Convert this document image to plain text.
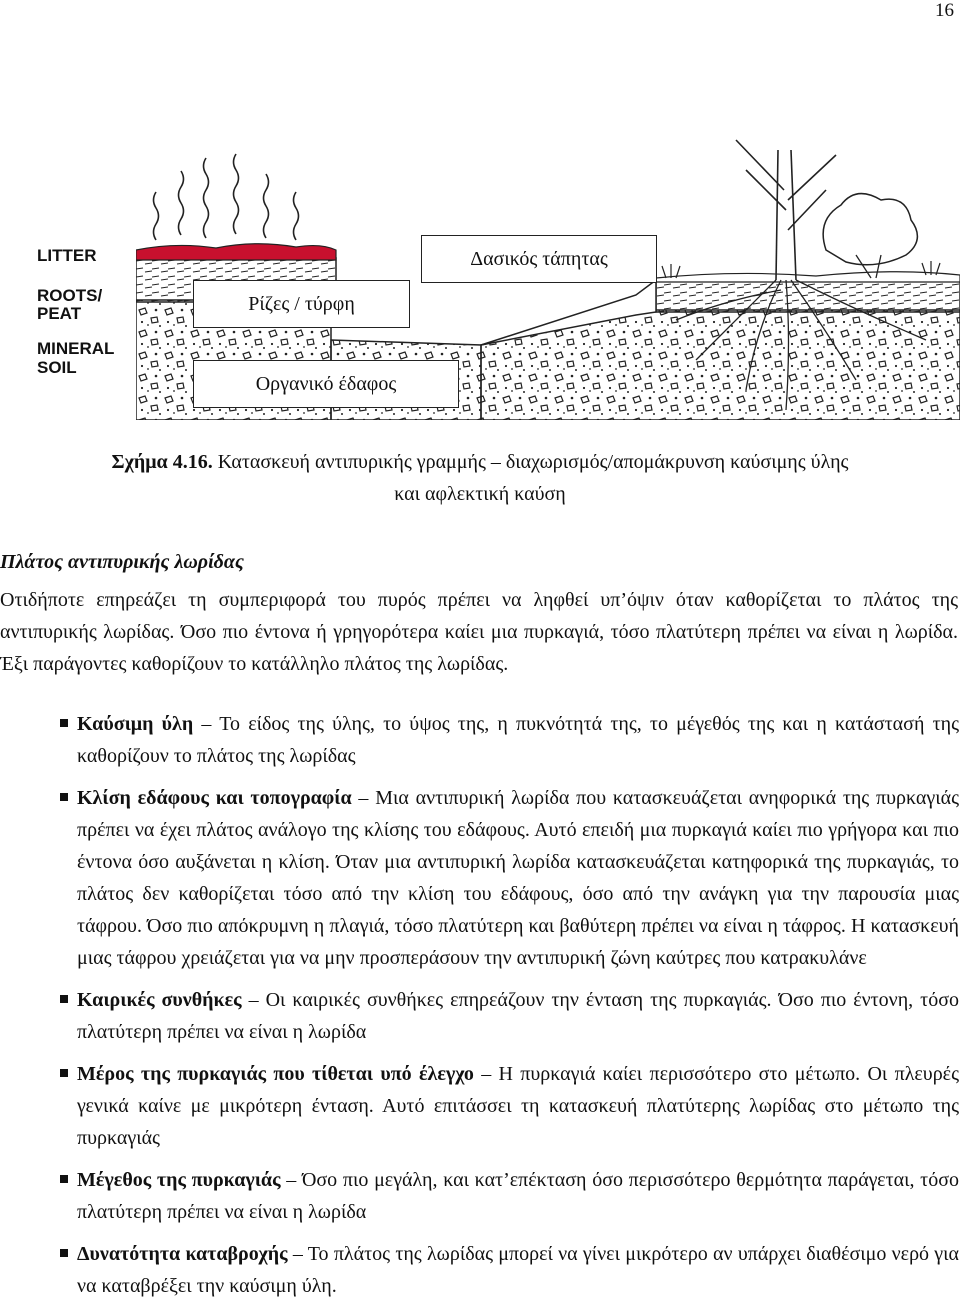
16
LITTER
ROOTS/
PEAT
MINERAL
SOIL
Δασικός τάπητας
Ρίζες / τύρφη
Οργανικό έδαφος
Σχήμα 4.16. Κατασκευή αντιπυρικής γραμμής – διαχωρισμός/απομάκρυνση καύσιμης ύλης
και αφλεκτική καύση
Πλάτος αντιπυρικής λωρίδας
Οτιδήποτε επηρεάζει τη συμπεριφορά του πυρός πρέπει να ληφθεί υπ’όψιν όταν καθορίζεται το πλάτος της αντιπυρικής λωρίδας. Όσο πιο έντονα ή γρηγορότερα καίει μια πυρκαγιά, τόσο πλατύτερη πρέπει να είναι η λωρίδα. Έξι παράγοντες καθορίζουν το κατάλληλο πλάτος της λωρίδας.
Καύσιμη ύλη – Το είδος της ύλης, το ύψος της, η πυκνότητά της, το μέγεθός της και η κατάστασή της καθορίζουν το πλάτος της λωρίδας
Κλίση εδάφους και τοπογραφία – Μια αντιπυρική λωρίδα που κατασκευάζεται ανηφορικά της πυρκαγιάς πρέπει να έχει πλάτος ανάλογο της κλίσης του εδάφους. Αυτό επειδή μια πυρκαγιά καίει πιο γρήγορα και πιο έντονα όσο αυξάνεται η κλίση. Όταν μια αντιπυρική λωρίδα κατασκευάζεται κατηφορικά της πυρκαγιάς, το πλάτος δεν καθορίζεται τόσο από την κλίση του εδάφους, όσο από την ανάγκη για την παρουσία μιας τάφρου. Όσο πιο απόκρυμνη η πλαγιά, τόσο πλατύτερη και βαθύτερη πρέπει να είναι η τάφρος. Η κατασκευή μιας τάφρου χρειάζεται για να μην προσπεράσουν την αντιπυρική ζώνη καύτρες που κατρακυλάνε
Καιρικές συνθήκες – Οι καιρικές συνθήκες επηρεάζουν την ένταση της πυρκαγιάς. Όσο πιο έντονη, τόσο πλατύτερη πρέπει να είναι η λωρίδα
Μέρος της πυρκαγιάς που τίθεται υπό έλεγχο – Η πυρκαγιά καίει περισσότερο στο μέτωπο. Οι πλευρές γενικά καίνε με μικρότερη ένταση. Αυτό επιτάσσει τη κατασκευή πλατύτερης λωρίδας στο μέτωπο της πυρκαγιάς
Μέγεθος της πυρκαγιάς – Όσο πιο μεγάλη, και κατ’επέκταση όσο περισσότερο θερμότητα παράγεται, τόσο πλατύτερη πρέπει να είναι η λωρίδα
Δυνατότητα καταβροχής – Το πλάτος της λωρίδας μπορεί να γίνει μικρότερο αν υπάρχει διαθέσιμο νερό για να καταβρέξει την καύσιμη ύλη.
